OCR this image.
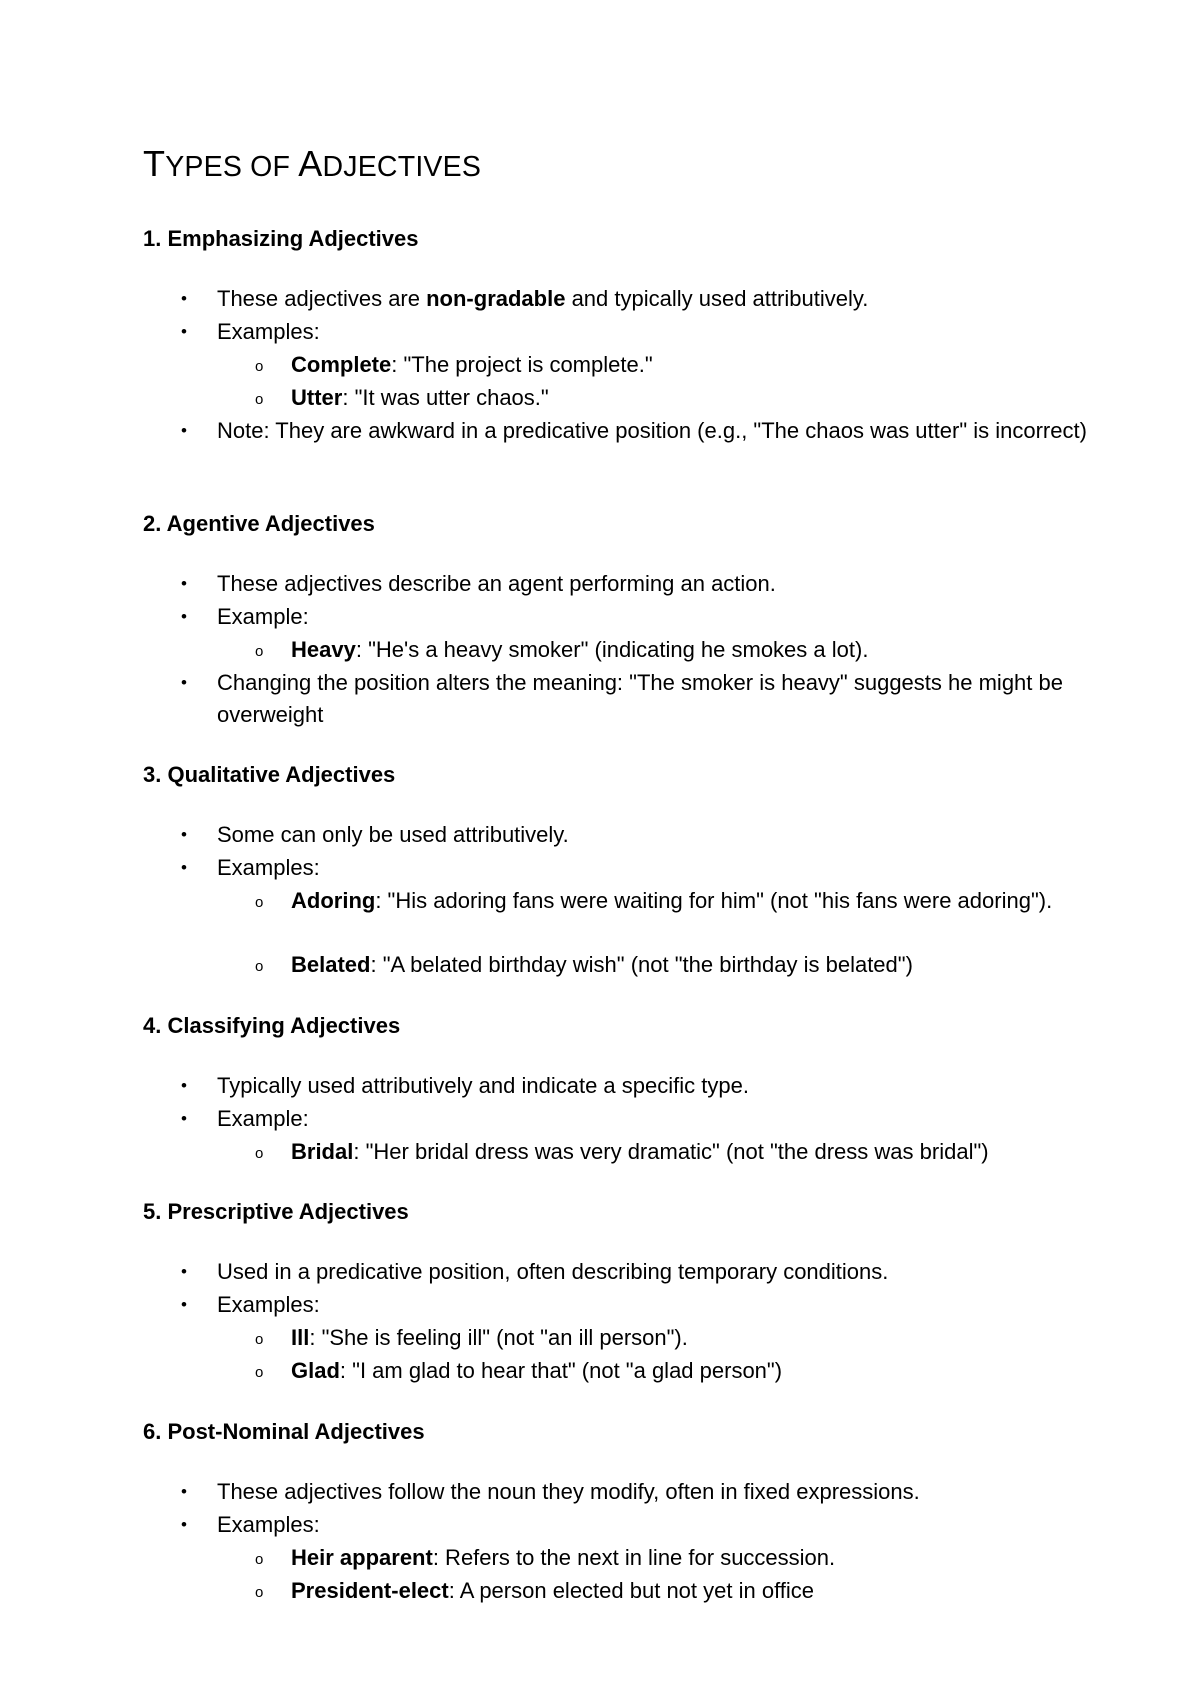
TYPES OF ADJECTIVES
1. Emphasizing Adjectives
• These adjectives are non-gradable and typically used attributively.
• Examples:
o Complete: "The project is complete."
o Utter: "It was utter chaos."
• Note: They are awkward in a predicative position (e.g., "The chaos was utter" is incorrect)
2. Agentive Adjectives
• These adjectives describe an agent performing an action.
• Example:
o Heavy: "He's a heavy smoker" (indicating he smokes a lot).
• Changing the position alters the meaning: "The smoker is heavy" suggests he might be overweight
3. Qualitative Adjectives
• Some can only be used attributively.
• Examples:
o Adoring: "His adoring fans were waiting for him" (not "his fans were adoring").
o Belated: "A belated birthday wish" (not "the birthday is belated")
4. Classifying Adjectives
• Typically used attributively and indicate a specific type.
• Example:
o Bridal: "Her bridal dress was very dramatic" (not "the dress was bridal")
5. Prescriptive Adjectives
• Used in a predicative position, often describing temporary conditions.
• Examples:
o Ill: "She is feeling ill" (not "an ill person").
o Glad: "I am glad to hear that" (not "a glad person")
6. Post-Nominal Adjectives
• These adjectives follow the noun they modify, often in fixed expressions.
• Examples:
o Heir apparent: Refers to the next in line for succession.
o President-elect: A person elected but not yet in office
